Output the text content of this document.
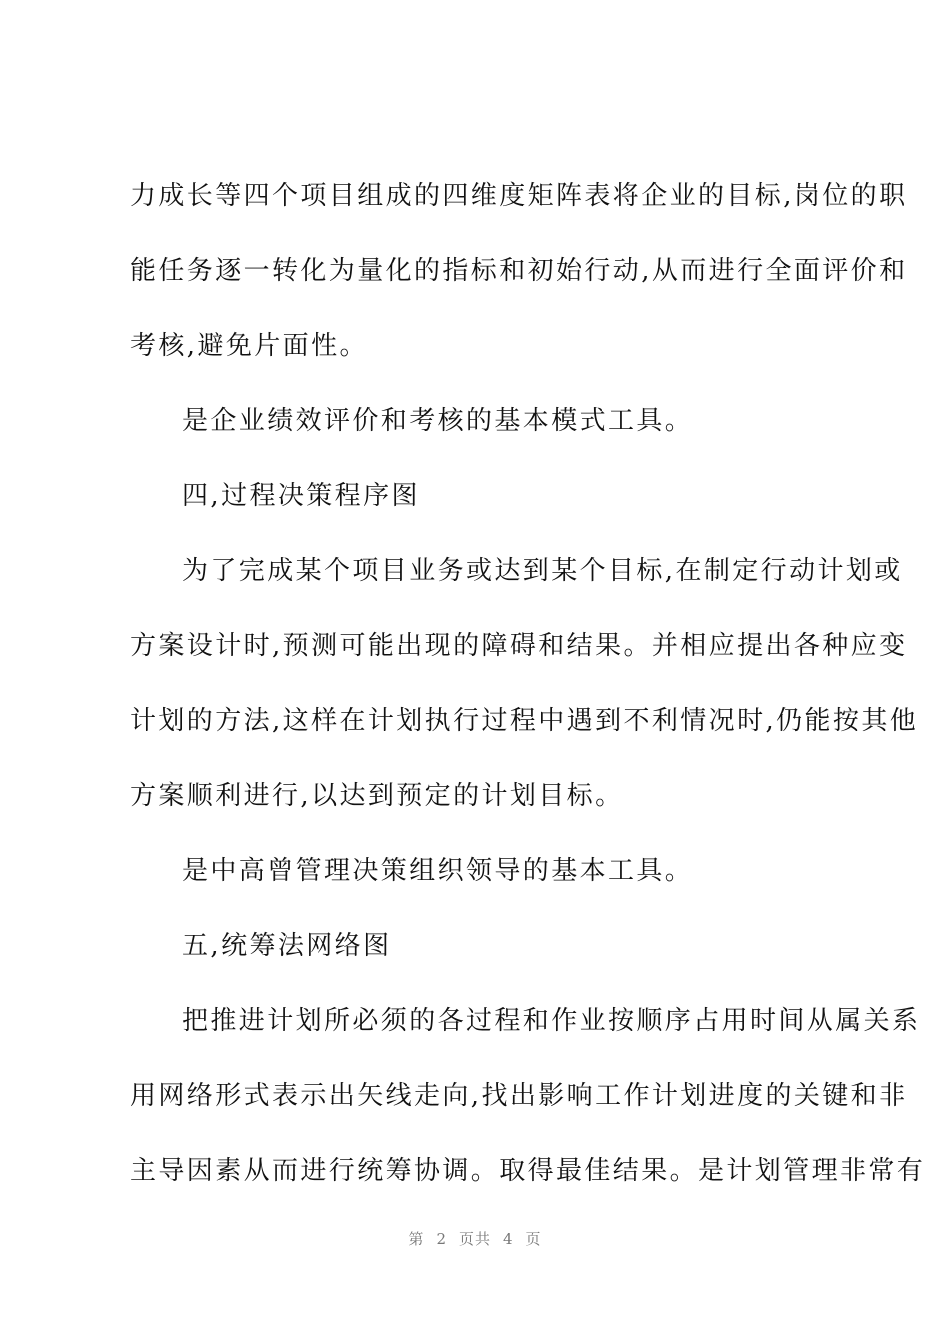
力成长等四个项目组成的四维度矩阵表将企业的目标,岗位的职
能任务逐一转化为量化的指标和初始行动,从而进行全面评价和
考核,避免片面性。
是企业绩效评价和考核的基本模式工具。
四,过程决策程序图
为了完成某个项目业务或达到某个目标,在制定行动计划或
方案设计时,预测可能出现的障碍和结果。并相应提出各种应变
计划的方法,这样在计划执行过程中遇到不利情况时,仍能按其他
方案顺利进行,以达到预定的计划目标。
是中高曾管理决策组织领导的基本工具。
五,统筹法网络图
把推进计划所必须的各过程和作业按顺序占用时间从属关系
用网络形式表示出矢线走向,找出影响工作计划进度的关键和非
主导因素从而进行统筹协调。取得最佳结果。是计划管理非常有
第 2 页共 4 页
